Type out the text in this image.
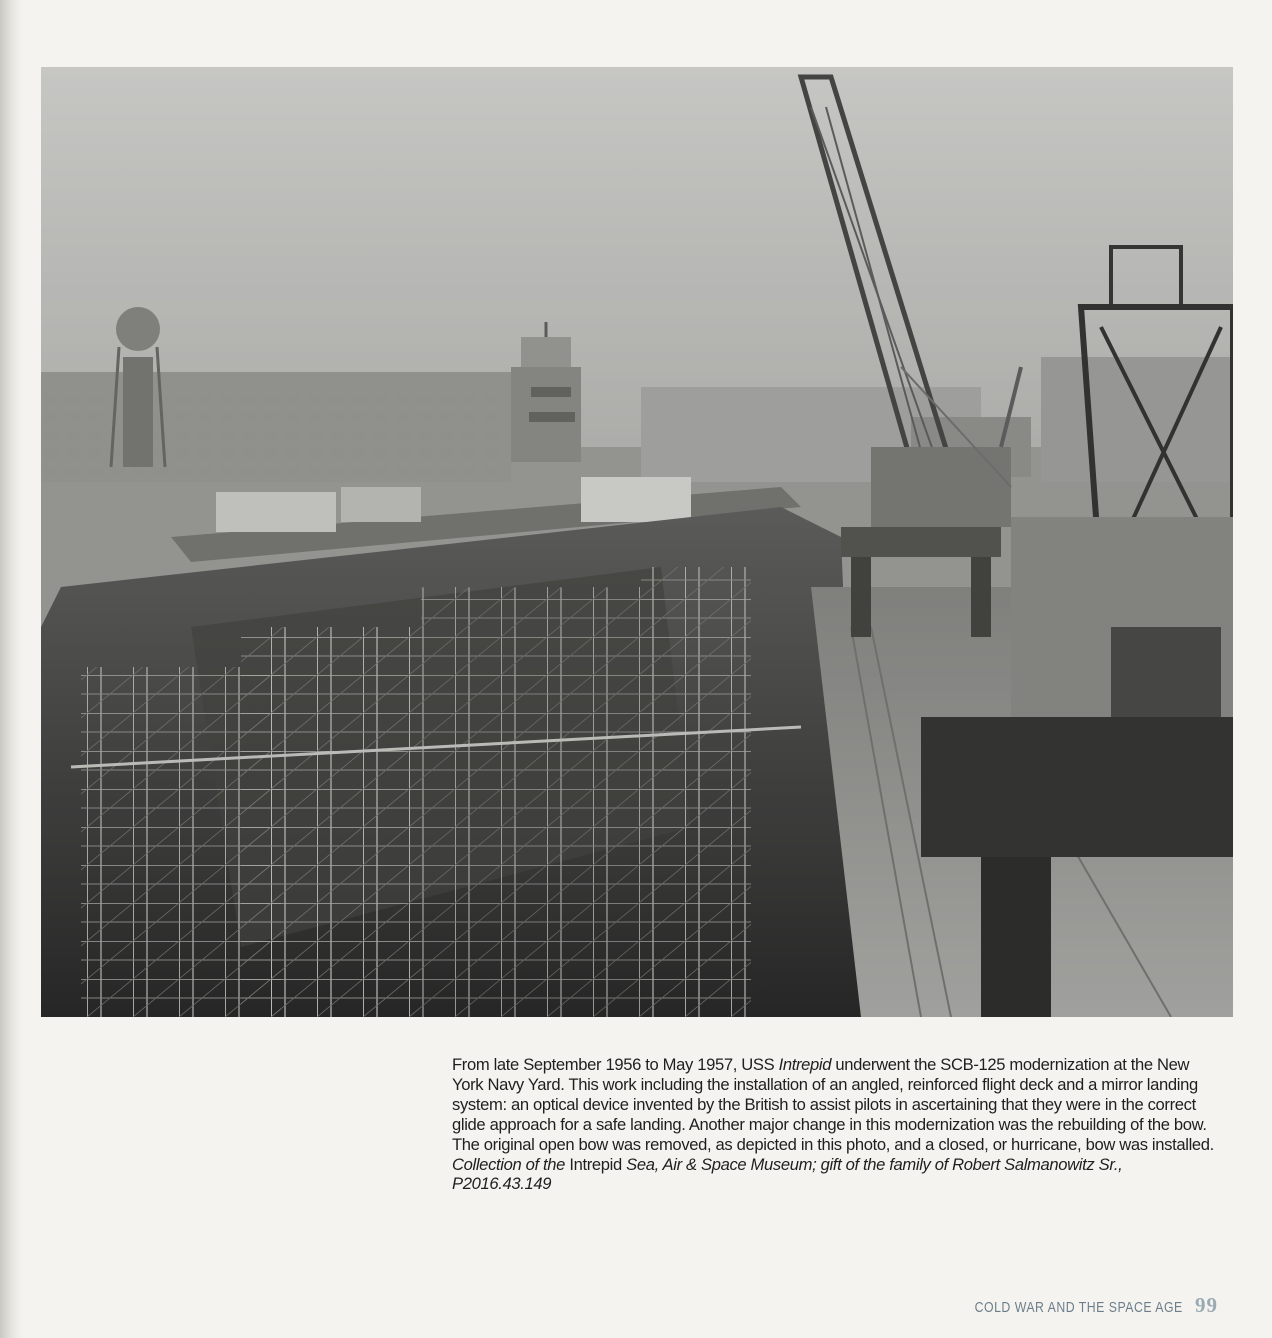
From late September 1956 to May 1957, USS Intrepid underwent the SCB-125 modernization at the New York Navy Yard. This work including the installation of an angled, reinforced flight deck and a mirror landing system: an optical device invented by the British to assist pilots in ascertaining that they were in the correct glide approach for a safe landing. Another major change in this modernization was the rebuilding of the bow. The original open bow was removed, as depicted in this photo, and a closed, or hurricane, bow was installed. Collection of the Intrepid Sea, Air & Space Museum; gift of the family of Robert Salmanowitz Sr., P2016.43.149
COLD WAR AND THE SPACE AGE 99
